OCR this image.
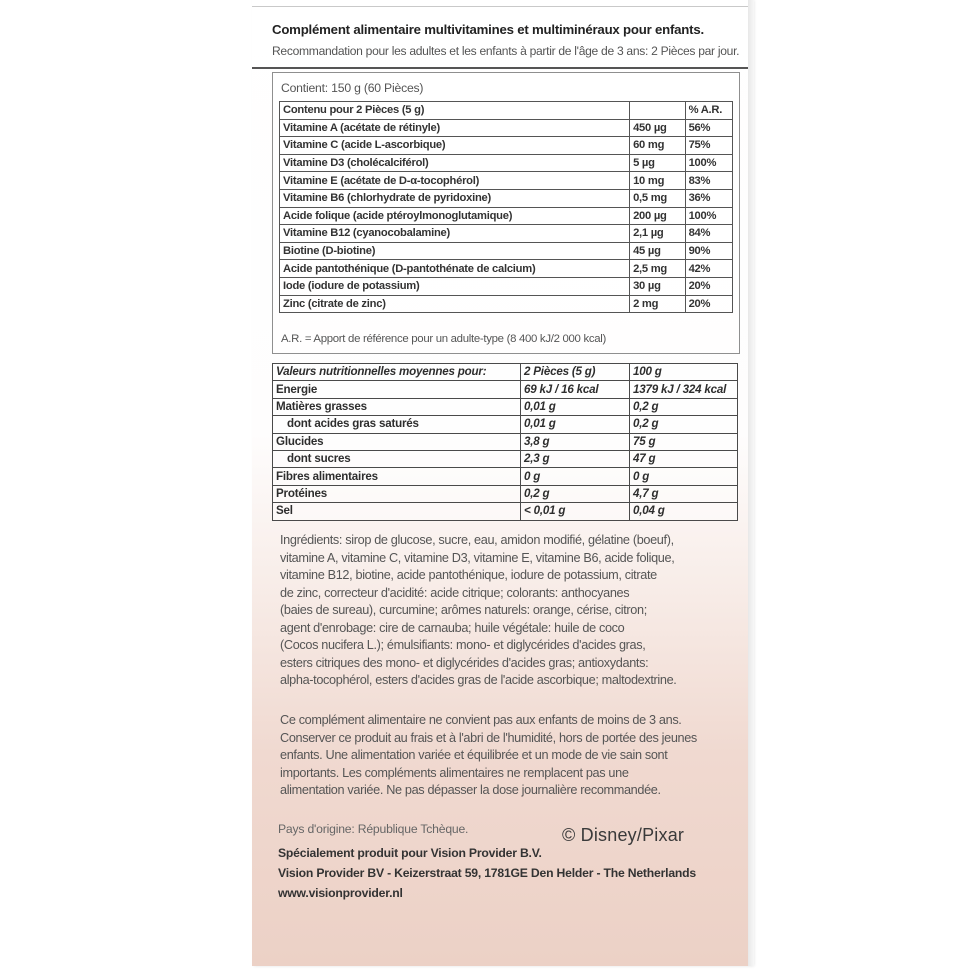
Complément alimentaire multivitamines et multiminéraux pour enfants.
Recommandation pour les adultes et les enfants à partir de l'âge de 3 ans: 2 Pièces par jour.
Contient: 150 g (60 Pièces)
Contenu pour 2 Pièces (5 g)		% A.R.
Vitamine A (acétate de rétinyle)	450 µg	56%
Vitamine C (acide L-ascorbique)	60 mg	75%
Vitamine D3 (cholécalciférol)	5 µg	100%
Vitamine E (acétate de D-α-tocophérol)	10 mg	83%
Vitamine B6 (chlorhydrate de pyridoxine)	0,5 mg	36%
Acide folique (acide ptéroylmonoglutamique)	200 µg	100%
Vitamine B12 (cyanocobalamine)	2,1 µg	84%
Biotine (D-biotine)	45 µg	90%
Acide pantothénique (D-pantothénate de calcium)	2,5 mg	42%
Iode (iodure de potassium)	30 µg	20%
Zinc (citrate de zinc)	2 mg	20%
A.R. = Apport de référence pour un adulte-type (8 400 kJ/2 000 kcal)
Valeurs nutritionnelles moyennes pour:	2 Pièces (5 g)	100 g
Energie	69 kJ / 16 kcal	1379 kJ / 324 kcal
Matières grasses	0,01 g	0,2 g
dont acides gras saturés	0,01 g	0,2 g
Glucides	3,8 g	75 g
dont sucres	2,3 g	47 g
Fibres alimentaires	0 g	0 g
Protéines	0,2 g	4,7 g
Sel	< 0,01 g	0,04 g
Ingrédients: sirop de glucose, sucre, eau, amidon modifié, gélatine (boeuf),
vitamine A, vitamine C, vitamine D3, vitamine E, vitamine B6, acide folique,
vitamine B12, biotine, acide pantothénique, iodure de potassium, citrate
de zinc, correcteur d'acidité: acide citrique; colorants: anthocyanes
(baies de sureau), curcumine; arômes naturels: orange, cérise, citron;
agent d'enrobage: cire de carnauba; huile végétale: huile de coco
(Cocos nucifera L.); émulsifiants: mono- et diglycérides d'acides gras,
esters citriques des mono- et diglycérides d'acides gras; antioxydants:
alpha-tocophérol, esters d'acides gras de l'acide ascorbique; maltodextrine.
Ce complément alimentaire ne convient pas aux enfants de moins de 3 ans.
Conserver ce produit au frais et à l'abri de l'humidité, hors de portée des jeunes
enfants. Une alimentation variée et équilibrée et un mode de vie sain sont
importants. Les compléments alimentaires ne remplacent pas une
alimentation variée. Ne pas dépasser la dose journalière recommandée.
Pays d'origine: République Tchèque.	© Disney/Pixar
Spécialement produit pour Vision Provider B.V.
Vision Provider BV - Keizerstraat 59, 1781GE Den Helder - The Netherlands
www.visionprovider.nl
